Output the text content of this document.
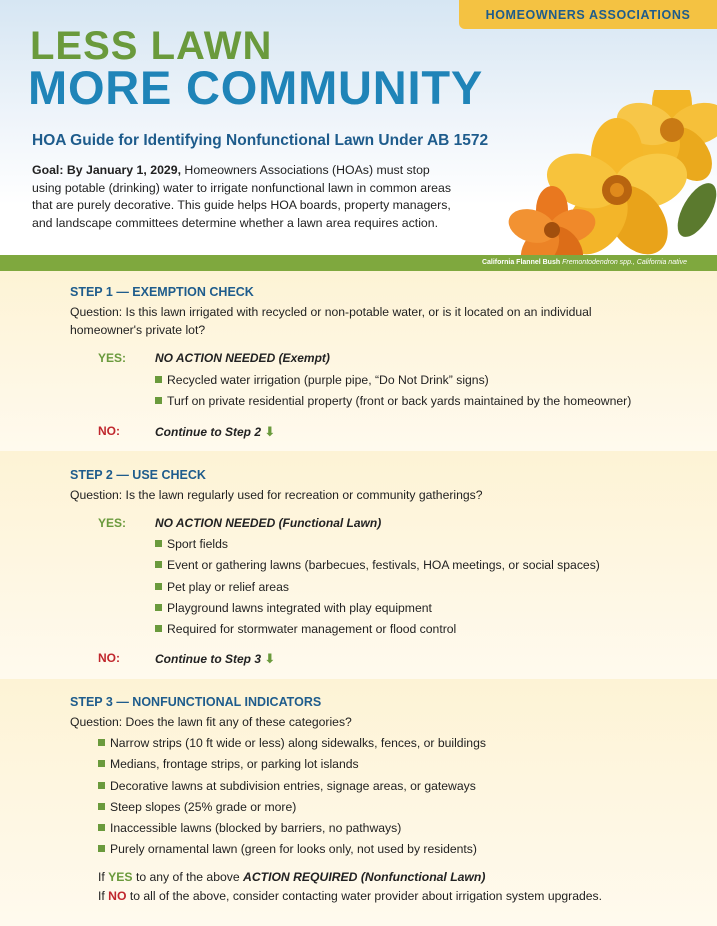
HOMEOWNERS ASSOCIATIONS
LESS LAWN
MORE COMMUNITY
HOA Guide for Identifying Nonfunctional Lawn Under AB 1572

Goal: By January 1, 2029, Homeowners Associations (HOAs) must stop using potable (drinking) water to irrigate nonfunctional lawn in common areas that are purely decorative. This guide helps HOA boards, property managers, and landscape committees determine whether a lawn area requires action.

California Flannel Bush Fremontodendron spp., California native
STEP 1 — EXEMPTION CHECK

Question: Is this lawn irrigated with recycled or non-potable water, or is it located on an individual homeowner's private lot?

YES: NO ACTION NEEDED (Exempt)
Recycled water irrigation (purple pipe, “Do Not Drink” signs)
Turf on private residential property (front or back yards maintained by the homeowner)
NO:	Continue to Step 2 ⬇
STEP 2 — USE CHECK

Question: Is the lawn regularly used for recreation or community gatherings?

YES: NO ACTION NEEDED (Functional Lawn)
Sport fields
Event or gathering lawns (barbecues, festivals, HOA meetings, or social spaces)
Pet play or relief areas
Playground lawns integrated with play equipment
Required for stormwater management or flood control
NO:	Continue to Step 3 ⬇
STEP 3 — NONFUNCTIONAL INDICATORS

Question: Does the lawn fit any of these categories?

Narrow strips (10 ft wide or less) along sidewalks, fences, or buildings
Medians, frontage strips, or parking lot islands
Decorative lawns at subdivision entries, signage areas, or gateways
Steep slopes (25% grade or more)
Inaccessible lawns (blocked by barriers, no pathways)
Purely ornamental lawn (green for looks only, not used by residents)

If YES to any of the above ACTION REQUIRED (Nonfunctional Lawn)

If NO to all of the above, consider contacting water provider about irrigation system upgrades.
